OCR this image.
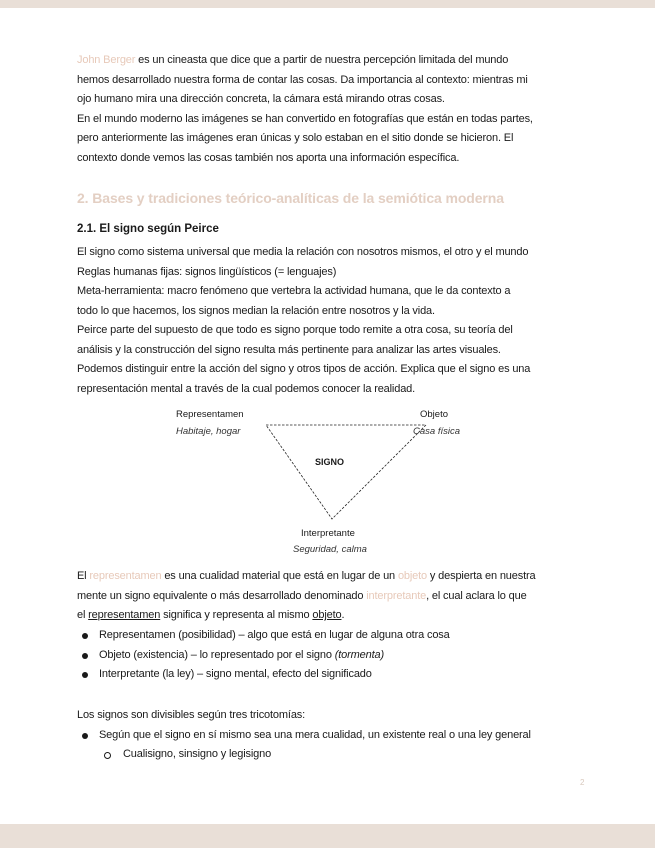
John Berger es un cineasta que dice que a partir de nuestra percepción limitada del mundo

hemos desarrollado nuestra forma de contar las cosas. Da importancia al contexto: mientras mi

ojo humano mira una dirección concreta, la cámara está mirando otras cosas.

En el mundo moderno las imágenes se han convertido en fotografías que están en todas partes,

pero anteriormente las imágenes eran únicas y solo estaban en el sitio donde se hicieron. El

contexto donde vemos las cosas también nos aporta una información específica.

2. Bases y tradiciones teórico-analíticas de la semiótica moderna
2.1. El signo según Peirce

El signo como sistema universal que media la relación con nosotros mismos, el otro y el mundo

Reglas humanas fijas: signos lingüísticos (= lenguajes)

Meta-herramienta: macro fenómeno que vertebra la actividad humana, que le da contexto a

todo lo que hacemos, los signos median la relación entre nosotros y la vida.

Peirce parte del supuesto de que todo es signo porque todo remite a otra cosa, su teoría del

análisis y la construcción del signo resulta más pertinente para analizar las artes visuales.

Podemos distinguir entre la acción del signo y otros tipos de acción. Explica que el signo es una

representación mental a través de la cual podemos conocer la realidad.

Representamen
Habitaje, hogar
Objeto
Casa física
SIGNO
Interpretante
Seguridad, calma

El representamen es una cualidad material que está en lugar de un objeto y despierta en nuestra

mente un signo equivalente o más desarrollado denominado interpretante, el cual aclara lo que

el representamen significa y representa al mismo objeto.

Representamen (posibilidad) – algo que está en lugar de alguna otra cosa
Objeto (existencia) – lo representado por el signo (tormenta)
Interpretante (la ley) – signo mental, efecto del significado

Los signos son divisibles según tres tricotomías:

Según que el signo en sí mismo sea una mera cualidad, un existente real o una ley general
Cualisigno, sinsigno y legisigno
2
